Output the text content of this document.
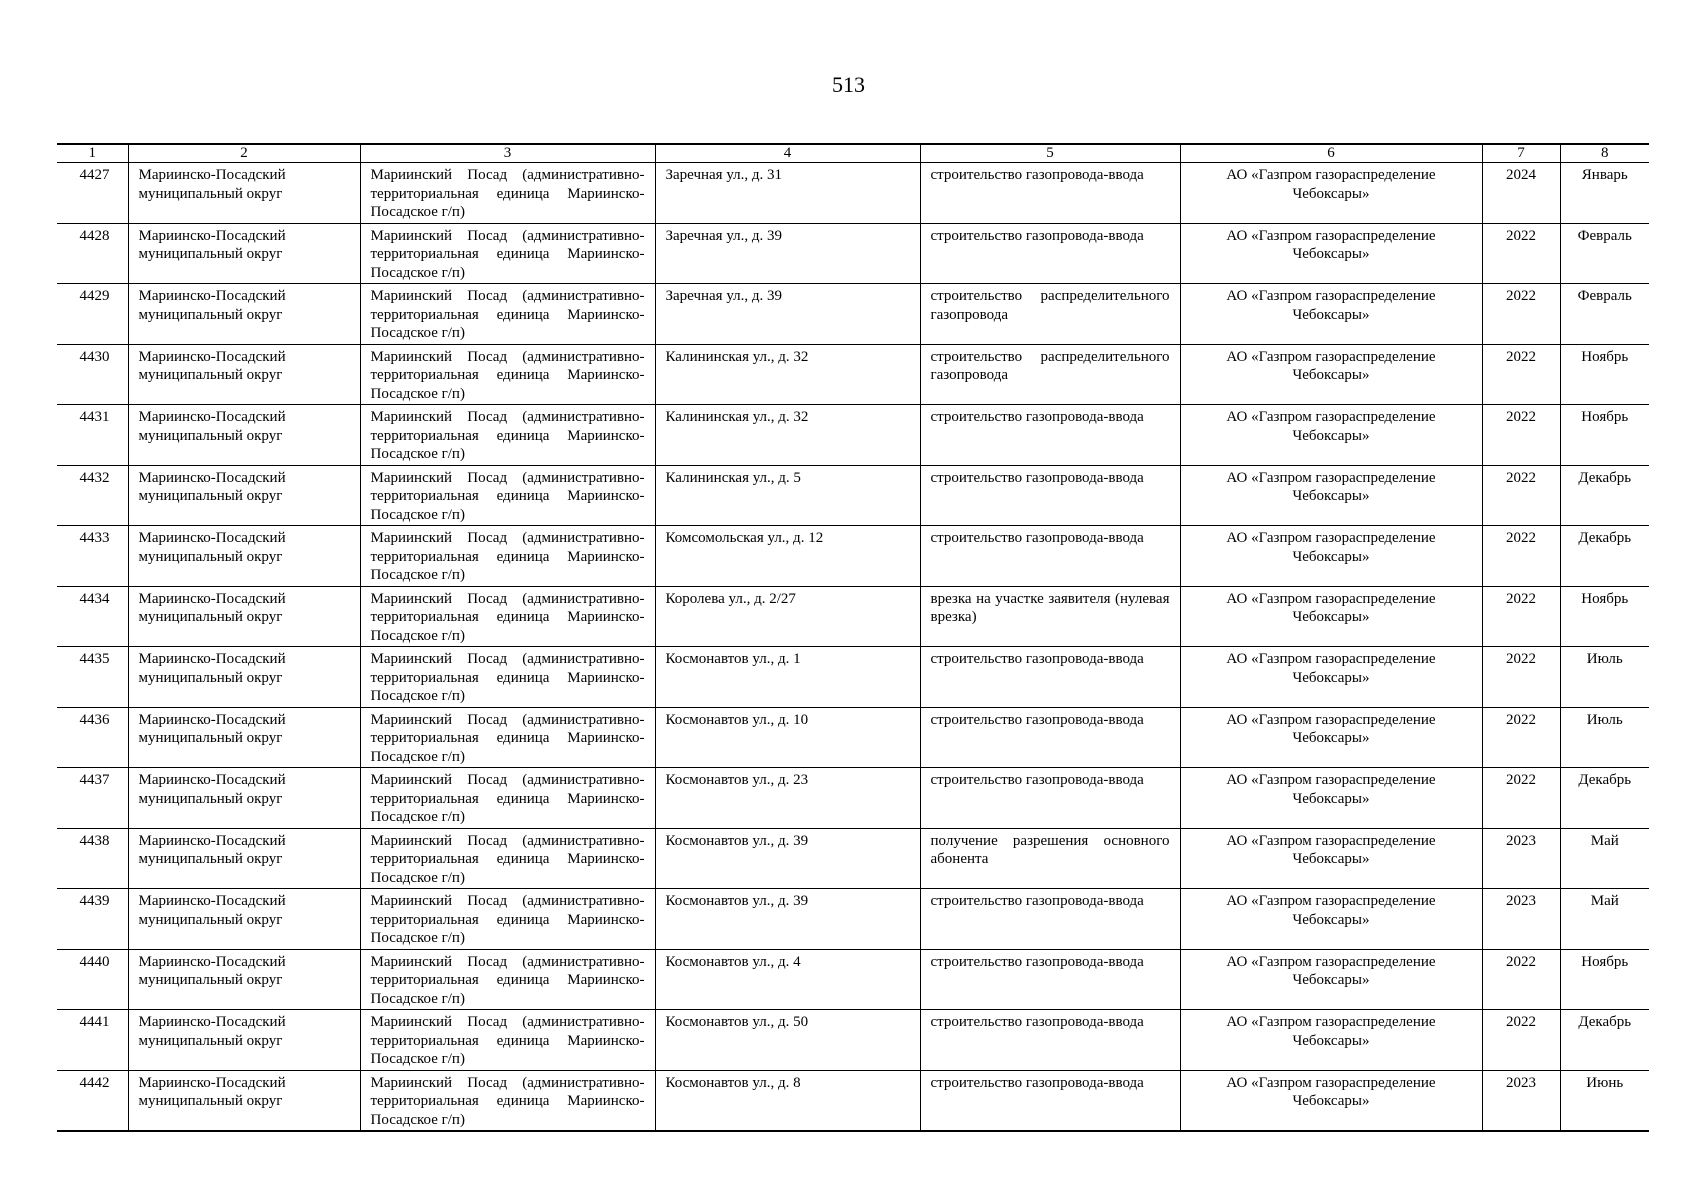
513
1	2	3	4	5	6	7	8
4427	Мариинско-Посадский муниципальный округ	Мариинский Посад (административно-территориальная единица Мариинско-Посадское г/п)	Заречная ул., д. 31	строительство газопровода-ввода	АО «Газпром газораспределение Чебоксары»	2024	Январь
4428	Мариинско-Посадский муниципальный округ	Мариинский Посад (административно-территориальная единица Мариинско-Посадское г/п)	Заречная ул., д. 39	строительство газопровода-ввода	АО «Газпром газораспределение Чебоксары»	2022	Февраль
4429	Мариинско-Посадский муниципальный округ	Мариинский Посад (административно-территориальная единица Мариинско-Посадское г/п)	Заречная ул., д. 39	строительство распределительного газопровода	АО «Газпром газораспределение Чебоксары»	2022	Февраль
4430	Мариинско-Посадский муниципальный округ	Мариинский Посад (административно-территориальная единица Мариинско-Посадское г/п)	Калининская ул., д. 32	строительство распределительного газопровода	АО «Газпром газораспределение Чебоксары»	2022	Ноябрь
4431	Мариинско-Посадский муниципальный округ	Мариинский Посад (административно-территориальная единица Мариинско-Посадское г/п)	Калининская ул., д. 32	строительство газопровода-ввода	АО «Газпром газораспределение Чебоксары»	2022	Ноябрь
4432	Мариинско-Посадский муниципальный округ	Мариинский Посад (административно-территориальная единица Мариинско-Посадское г/п)	Калининская ул., д. 5	строительство газопровода-ввода	АО «Газпром газораспределение Чебоксары»	2022	Декабрь
4433	Мариинско-Посадский муниципальный округ	Мариинский Посад (административно-территориальная единица Мариинско-Посадское г/п)	Комсомольская ул., д. 12	строительство газопровода-ввода	АО «Газпром газораспределение Чебоксары»	2022	Декабрь
4434	Мариинско-Посадский муниципальный округ	Мариинский Посад (административно-территориальная единица Мариинско-Посадское г/п)	Королева ул., д. 2/27	врезка на участке заявителя (нулевая врезка)	АО «Газпром газораспределение Чебоксары»	2022	Ноябрь
4435	Мариинско-Посадский муниципальный округ	Мариинский Посад (административно-территориальная единица Мариинско-Посадское г/п)	Космонавтов ул., д. 1	строительство газопровода-ввода	АО «Газпром газораспределение Чебоксары»	2022	Июль
4436	Мариинско-Посадский муниципальный округ	Мариинский Посад (административно-территориальная единица Мариинско-Посадское г/п)	Космонавтов ул., д. 10	строительство газопровода-ввода	АО «Газпром газораспределение Чебоксары»	2022	Июль
4437	Мариинско-Посадский муниципальный округ	Мариинский Посад (административно-территориальная единица Мариинско-Посадское г/п)	Космонавтов ул., д. 23	строительство газопровода-ввода	АО «Газпром газораспределение Чебоксары»	2022	Декабрь
4438	Мариинско-Посадский муниципальный округ	Мариинский Посад (административно-территориальная единица Мариинско-Посадское г/п)	Космонавтов ул., д. 39	получение разрешения основного абонента	АО «Газпром газораспределение Чебоксары»	2023	Май
4439	Мариинско-Посадский муниципальный округ	Мариинский Посад (административно-территориальная единица Мариинско-Посадское г/п)	Космонавтов ул., д. 39	строительство газопровода-ввода	АО «Газпром газораспределение Чебоксары»	2023	Май
4440	Мариинско-Посадский муниципальный округ	Мариинский Посад (административно-территориальная единица Мариинско-Посадское г/п)	Космонавтов ул., д. 4	строительство газопровода-ввода	АО «Газпром газораспределение Чебоксары»	2022	Ноябрь
4441	Мариинско-Посадский муниципальный округ	Мариинский Посад (административно-территориальная единица Мариинско-Посадское г/п)	Космонавтов ул., д. 50	строительство газопровода-ввода	АО «Газпром газораспределение Чебоксары»	2022	Декабрь
4442	Мариинско-Посадский муниципальный округ	Мариинский Посад (административно-территориальная единица Мариинско-Посадское г/п)	Космонавтов ул., д. 8	строительство газопровода-ввода	АО «Газпром газораспределение Чебоксары»	2023	Июнь
